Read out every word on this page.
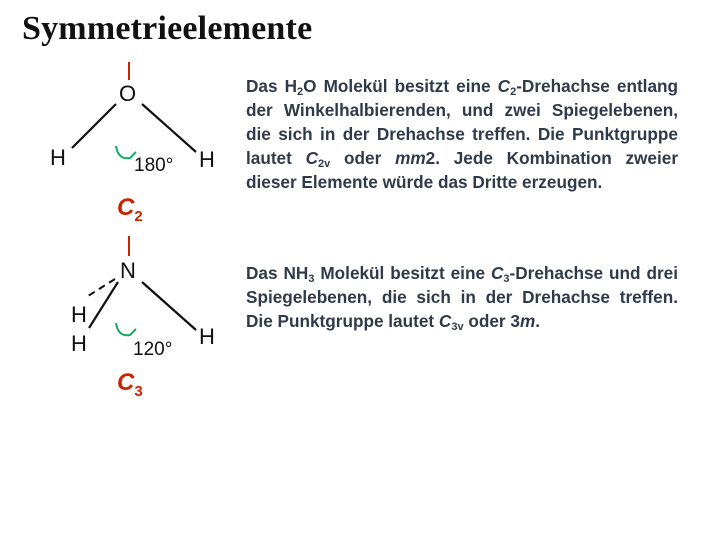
Symmetrieelemente
O
H	H
180°
$C_2$
N
H
H	H
120°
$C_3$
Das $H_2O$ Molekül besitzt eine $C_2$-Drehachse entlang der Winkelhalbierenden, und zwei Spiegelebenen, die sich in der Drehachse treffen. Die Punktgruppe lautet $C_{2v}$ oder mm2. Jede Kombination zweier dieser Elemente würde das Dritte erzeugen.
Das $NH_3$ Molekül besitzt eine $C_3$-Drehachse und drei Spiegelebenen, die sich in der Drehachse treffen. Die Punktgruppe lautet $C_{3v}$ oder 3m.
